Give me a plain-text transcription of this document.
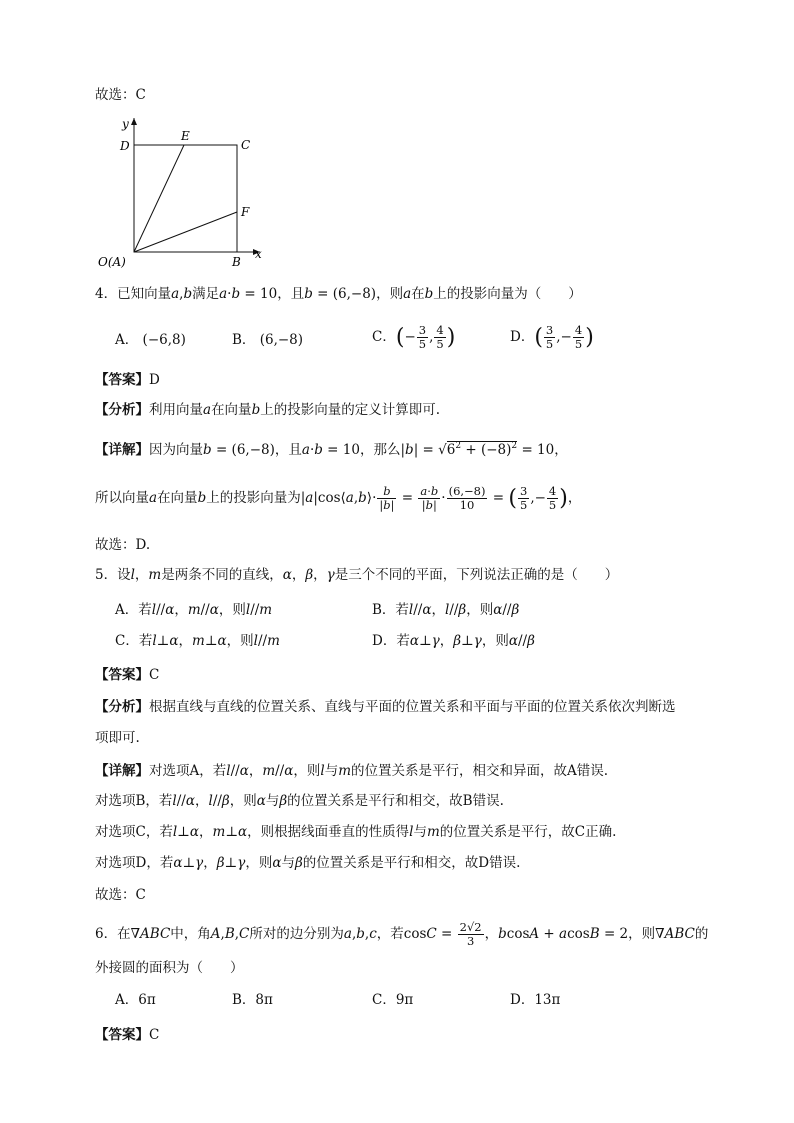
故选：C
y
x
D
E
C
F
O(A)	B
4．已知向量a,b满足a·b = 10，且b = (6,−8)，则a在b上的投影向量为（　　）
A． (−6,8)	B． (6,−8)	C．(− $\frac{3}{5}$ , $\frac{4}{5}$ )	D．( $\frac{3}{5}$ ,− $\frac{4}{5}$ )
【答案】D
【分析】利用向量a在向量b上的投影向量的定义计算即可.
【详解】因为向量b = (6,−8)，且a·b = 10，那么$|b| = √6^2 + (-8)^2 = 10$，
所以向量a在向量b上的投影向量为|a|cos⟨a,b⟩· $\frac{b}{|b|} = \frac{a\cdot b}{|b|} \cdot \frac{(6,-8)}{10}$ = ( $\frac{3}{5}$ ,− $\frac{4}{5}$ )，
故选：D.
5．设l，m是两条不同的直线，α，β，γ是三个不同的平面，下列说法正确的是（　　）
A．若l//α，m//α，则l//m	B．若l//α，l//β，则α//β
C．若l⊥α，m⊥α，则l//m	D．若α⊥γ，β⊥γ，则α//β
【答案】C
【分析】根据直线与直线的位置关系、直线与平面的位置关系和平面与平面的位置关系依次判断选
项即可.
【详解】对选项A，若l//α，m//α，则l与m的位置关系是平行，相交和异面，故A错误.
对选项B，若l//α，l//β，则α与β的位置关系是平行和相交，故B错误.
对选项C，若l⊥α，m⊥α，则根据线面垂直的性质得l与m的位置关系是平行，故C正确.
对选项D，若α⊥γ，β⊥γ，则α与β的位置关系是平行和相交，故D错误.
故选：C
6．在∇ABC中，角A,B,C所对的边分别为a,b,c，若$\cos C = \frac{2√2}{3}$ ，bcosA + acosB = 2，则∇ABC的
外接圆的面积为（　　）
A．6π	B．8π	C．9π	D．13π
【答案】C
